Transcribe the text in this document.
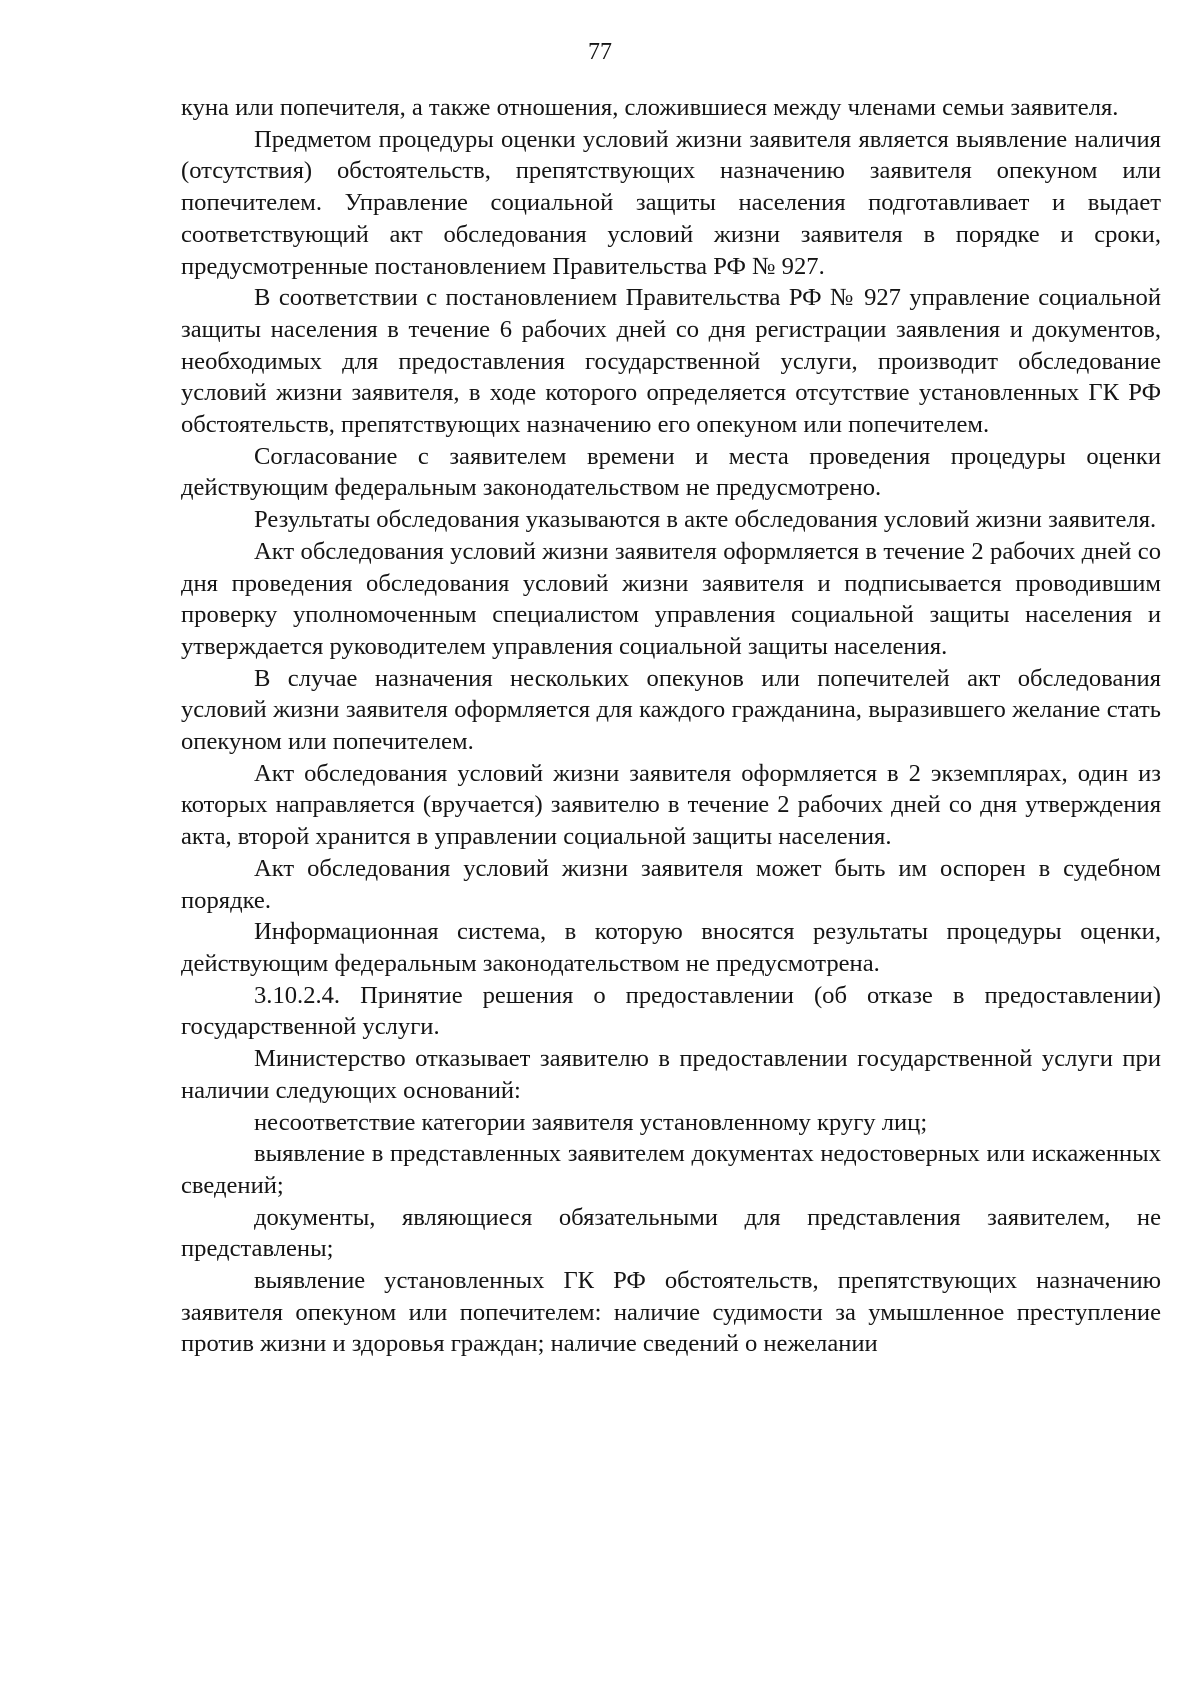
77

куна или попечителя, а также отношения, сложившиеся между членами семьи заявителя.

Предметом процедуры оценки условий жизни заявителя является выявление наличия (отсутствия) обстоятельств, препятствующих назначению заявителя опекуном или попечителем. Управление социальной защиты населения подготавливает и выдает соответствующий акт обследования условий жизни заявителя в порядке и сроки, предусмотренные постановлением Правительства РФ № 927.

В соответствии с постановлением Правительства РФ № 927 управление социальной защиты населения в течение 6 рабочих дней со дня регистрации заявления и документов, необходимых для предоставления государственной услуги, производит обследование условий жизни заявителя, в ходе которого определяется отсутствие установленных ГК РФ обстоятельств, препятствующих назначению его опекуном или попечителем.

Согласование с заявителем времени и места проведения процедуры оценки действующим федеральным законодательством не предусмотрено.

Результаты обследования указываются в акте обследования условий жизни заявителя.

Акт обследования условий жизни заявителя оформляется в течение 2 рабочих дней со дня проведения обследования условий жизни заявителя и подписывается проводившим проверку уполномоченным специалистом управления социальной защиты населения и утверждается руководителем управления социальной защиты населения.

В случае назначения нескольких опекунов или попечителей акт обследования условий жизни заявителя оформляется для каждого гражданина, выразившего желание стать опекуном или попечителем.

Акт обследования условий жизни заявителя оформляется в 2 экземплярах, один из которых направляется (вручается) заявителю в течение 2 рабочих дней со дня утверждения акта, второй хранится в управлении социальной защиты населения.

Акт обследования условий жизни заявителя может быть им оспорен в судебном порядке.

Информационная система, в которую вносятся результаты процедуры оценки, действующим федеральным законодательством не предусмотрена.

3.10.2.4. Принятие решения о предоставлении (об отказе в предоставлении) государственной услуги.

Министерство отказывает заявителю в предоставлении государственной услуги при наличии следующих оснований:

несоответствие категории заявителя установленному кругу лиц;

выявление в представленных заявителем документах недостоверных или искаженных сведений;

документы, являющиеся обязательными для представления заявителем, не представлены;

выявление установленных ГК РФ обстоятельств, препятствующих назначению заявителя опекуном или попечителем: наличие судимости за умышленное преступление против жизни и здоровья граждан; наличие сведений о нежелании
